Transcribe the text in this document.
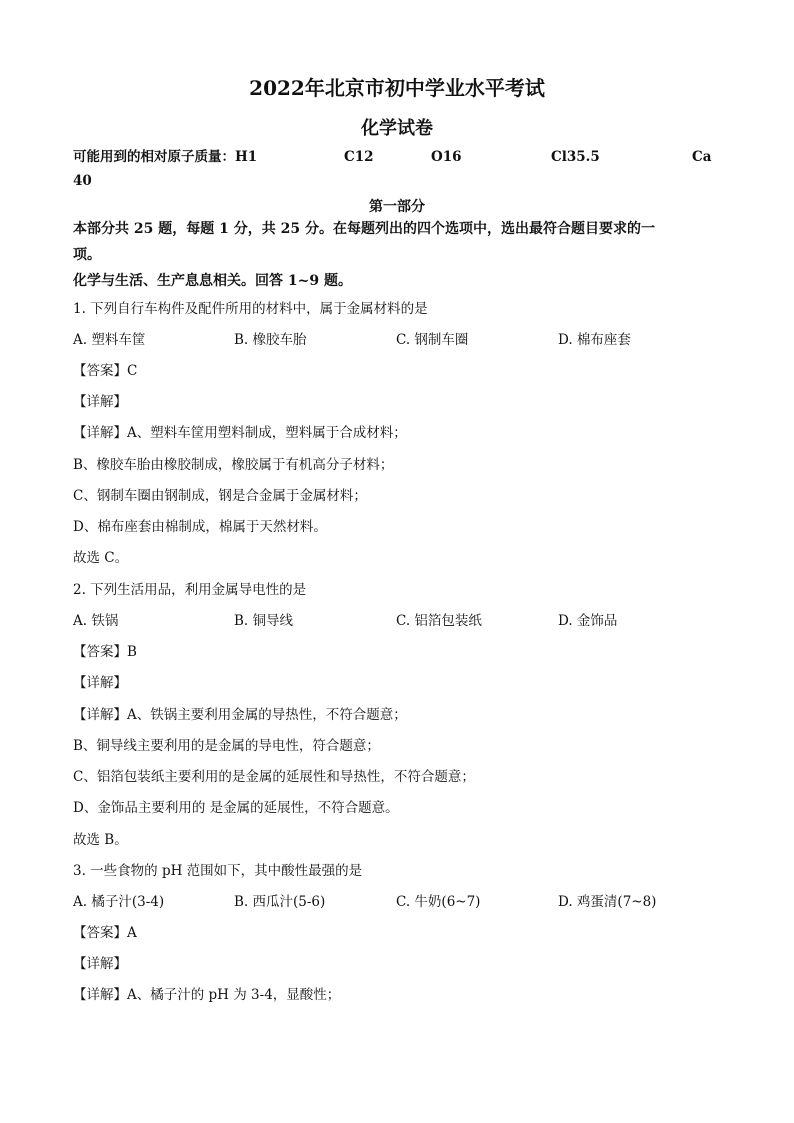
2022年北京市初中学业水平考试
化学试卷
可能用到的相对原子质量：H1	C12	O16	Cl35.5	Ca
40
第一部分
本部分共 25 题，每题 1 分，共 25 分。在每题列出的四个选项中，选出最符合题目要求的一
项。
化学与生活、生产息息相关。回答 1~9 题。
1. 下列自行车构件及配件所用的材料中，属于金属材料的是
A. 塑料车筐	B. 橡胶车胎	C. 钢制车圈	D. 棉布座套
【答案】C
【详解】
【详解】A、塑料车筐用塑料制成，塑料属于合成材料；
B、橡胶车胎由橡胶制成，橡胶属于有机高分子材料；
C、钢制车圈由钢制成，钢是合金属于金属材料；
D、棉布座套由棉制成，棉属于天然材料。
故选 C。
2. 下列生活用品，利用金属导电性的是
A. 铁锅	B. 铜导线	C. 铝箔包装纸	D. 金饰品
【答案】B
【详解】
【详解】A、铁锅主要利用金属的导热性，不符合题意；
B、铜导线主要利用的是金属的导电性，符合题意；
C、铝箔包装纸主要利用的是金属的延展性和导热性，不符合题意；
D、金饰品主要利用的 是金属的延展性，不符合题意。
故选 B。
3. 一些食物的 pH 范围如下，其中酸性最强的是
A. 橘子汁(3-4)	B. 西瓜汁(5-6)	C. 牛奶(6~7)	D. 鸡蛋清(7~8)
【答案】A
【详解】
【详解】A、橘子汁的 pH 为 3-4，显酸性；
